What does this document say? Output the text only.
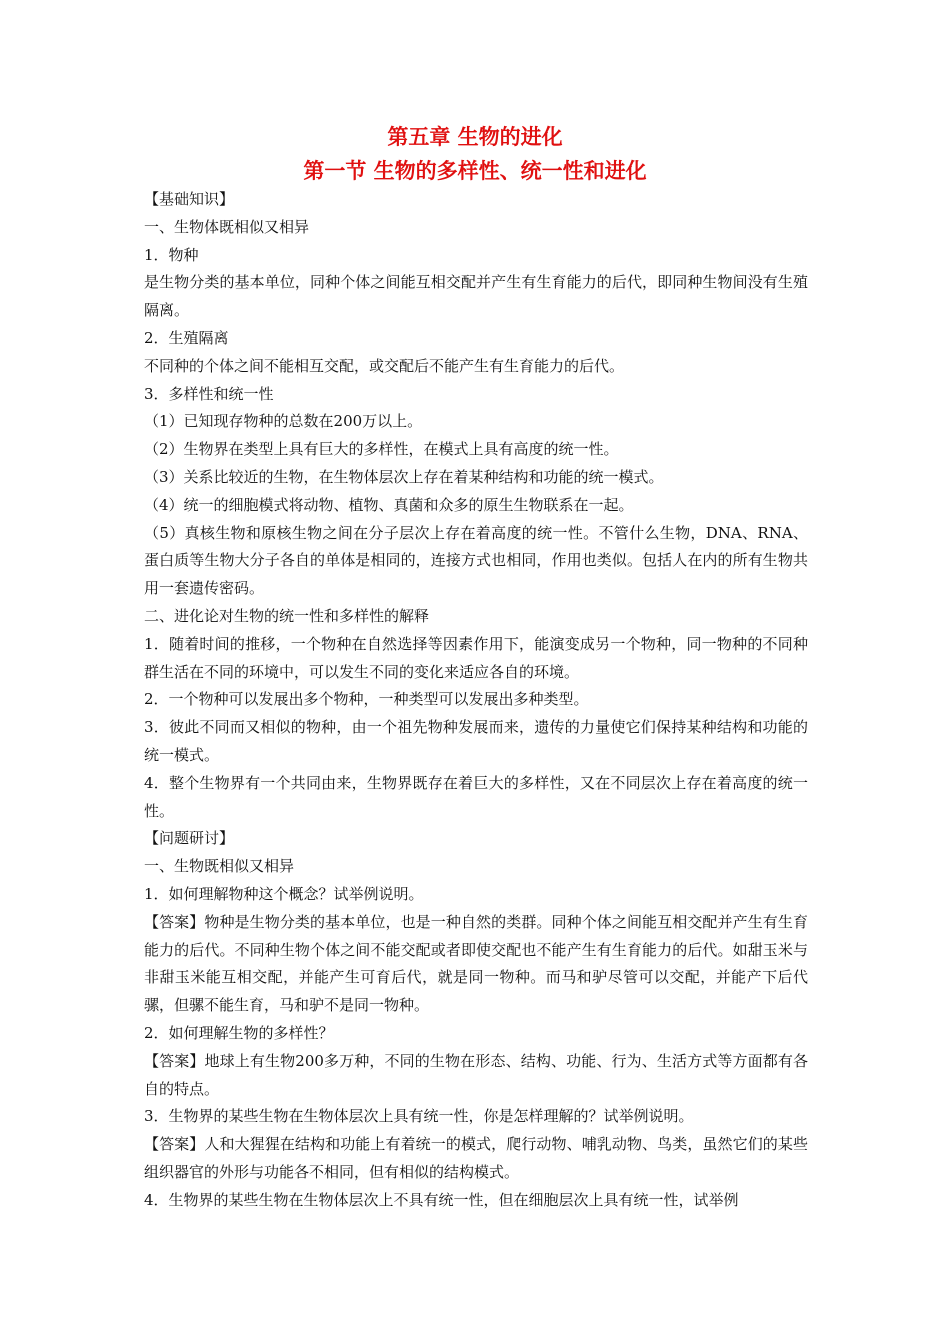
第五章 生物的进化

第一节 生物的多样性、统一性和进化

【基础知识】

一、生物体既相似又相异

1．物种

是生物分类的基本单位，同种个体之间能互相交配并产生有生育能力的后代，即同种生物间没有生殖隔离。

2．生殖隔离

不同种的个体之间不能相互交配，或交配后不能产生有生育能力的后代。

3．多样性和统一性

（1）已知现存物种的总数在200万以上。

（2）生物界在类型上具有巨大的多样性，在模式上具有高度的统一性。

（3）关系比较近的生物，在生物体层次上存在着某种结构和功能的统一模式。

（4）统一的细胞模式将动物、植物、真菌和众多的原生生物联系在一起。

（5）真核生物和原核生物之间在分子层次上存在着高度的统一性。不管什么生物，DNA、RNA、蛋白质等生物大分子各自的单体是相同的，连接方式也相同，作用也类似。包括人在内的所有生物共用一套遗传密码。

二、进化论对生物的统一性和多样性的解释

1．随着时间的推移，一个物种在自然选择等因素作用下，能演变成另一个物种，同一物种的不同种群生活在不同的环境中，可以发生不同的变化来适应各自的环境。

2．一个物种可以发展出多个物种，一种类型可以发展出多种类型。

3．彼此不同而又相似的物种，由一个祖先物种发展而来，遗传的力量使它们保持某种结构和功能的统一模式。

4．整个生物界有一个共同由来，生物界既存在着巨大的多样性，又在不同层次上存在着高度的统一性。

【问题研讨】

一、生物既相似又相异

1．如何理解物种这个概念？试举例说明。

【答案】物种是生物分类的基本单位，也是一种自然的类群。同种个体之间能互相交配并产生有生育能力的后代。不同种生物个体之间不能交配或者即使交配也不能产生有生育能力的后代。如甜玉米与非甜玉米能互相交配，并能产生可育后代，就是同一物种。而马和驴尽管可以交配，并能产下后代骡，但骡不能生育，马和驴不是同一物种。

2．如何理解生物的多样性？

【答案】地球上有生物200多万种，不同的生物在形态、结构、功能、行为、生活方式等方面都有各自的特点。

3．生物界的某些生物在生物体层次上具有统一性，你是怎样理解的？试举例说明。

【答案】人和大猩猩在结构和功能上有着统一的模式，爬行动物、哺乳动物、鸟类，虽然它们的某些组织器官的外形与功能各不相同，但有相似的结构模式。

4．生物界的某些生物在生物体层次上不具有统一性，但在细胞层次上具有统一性，试举例
